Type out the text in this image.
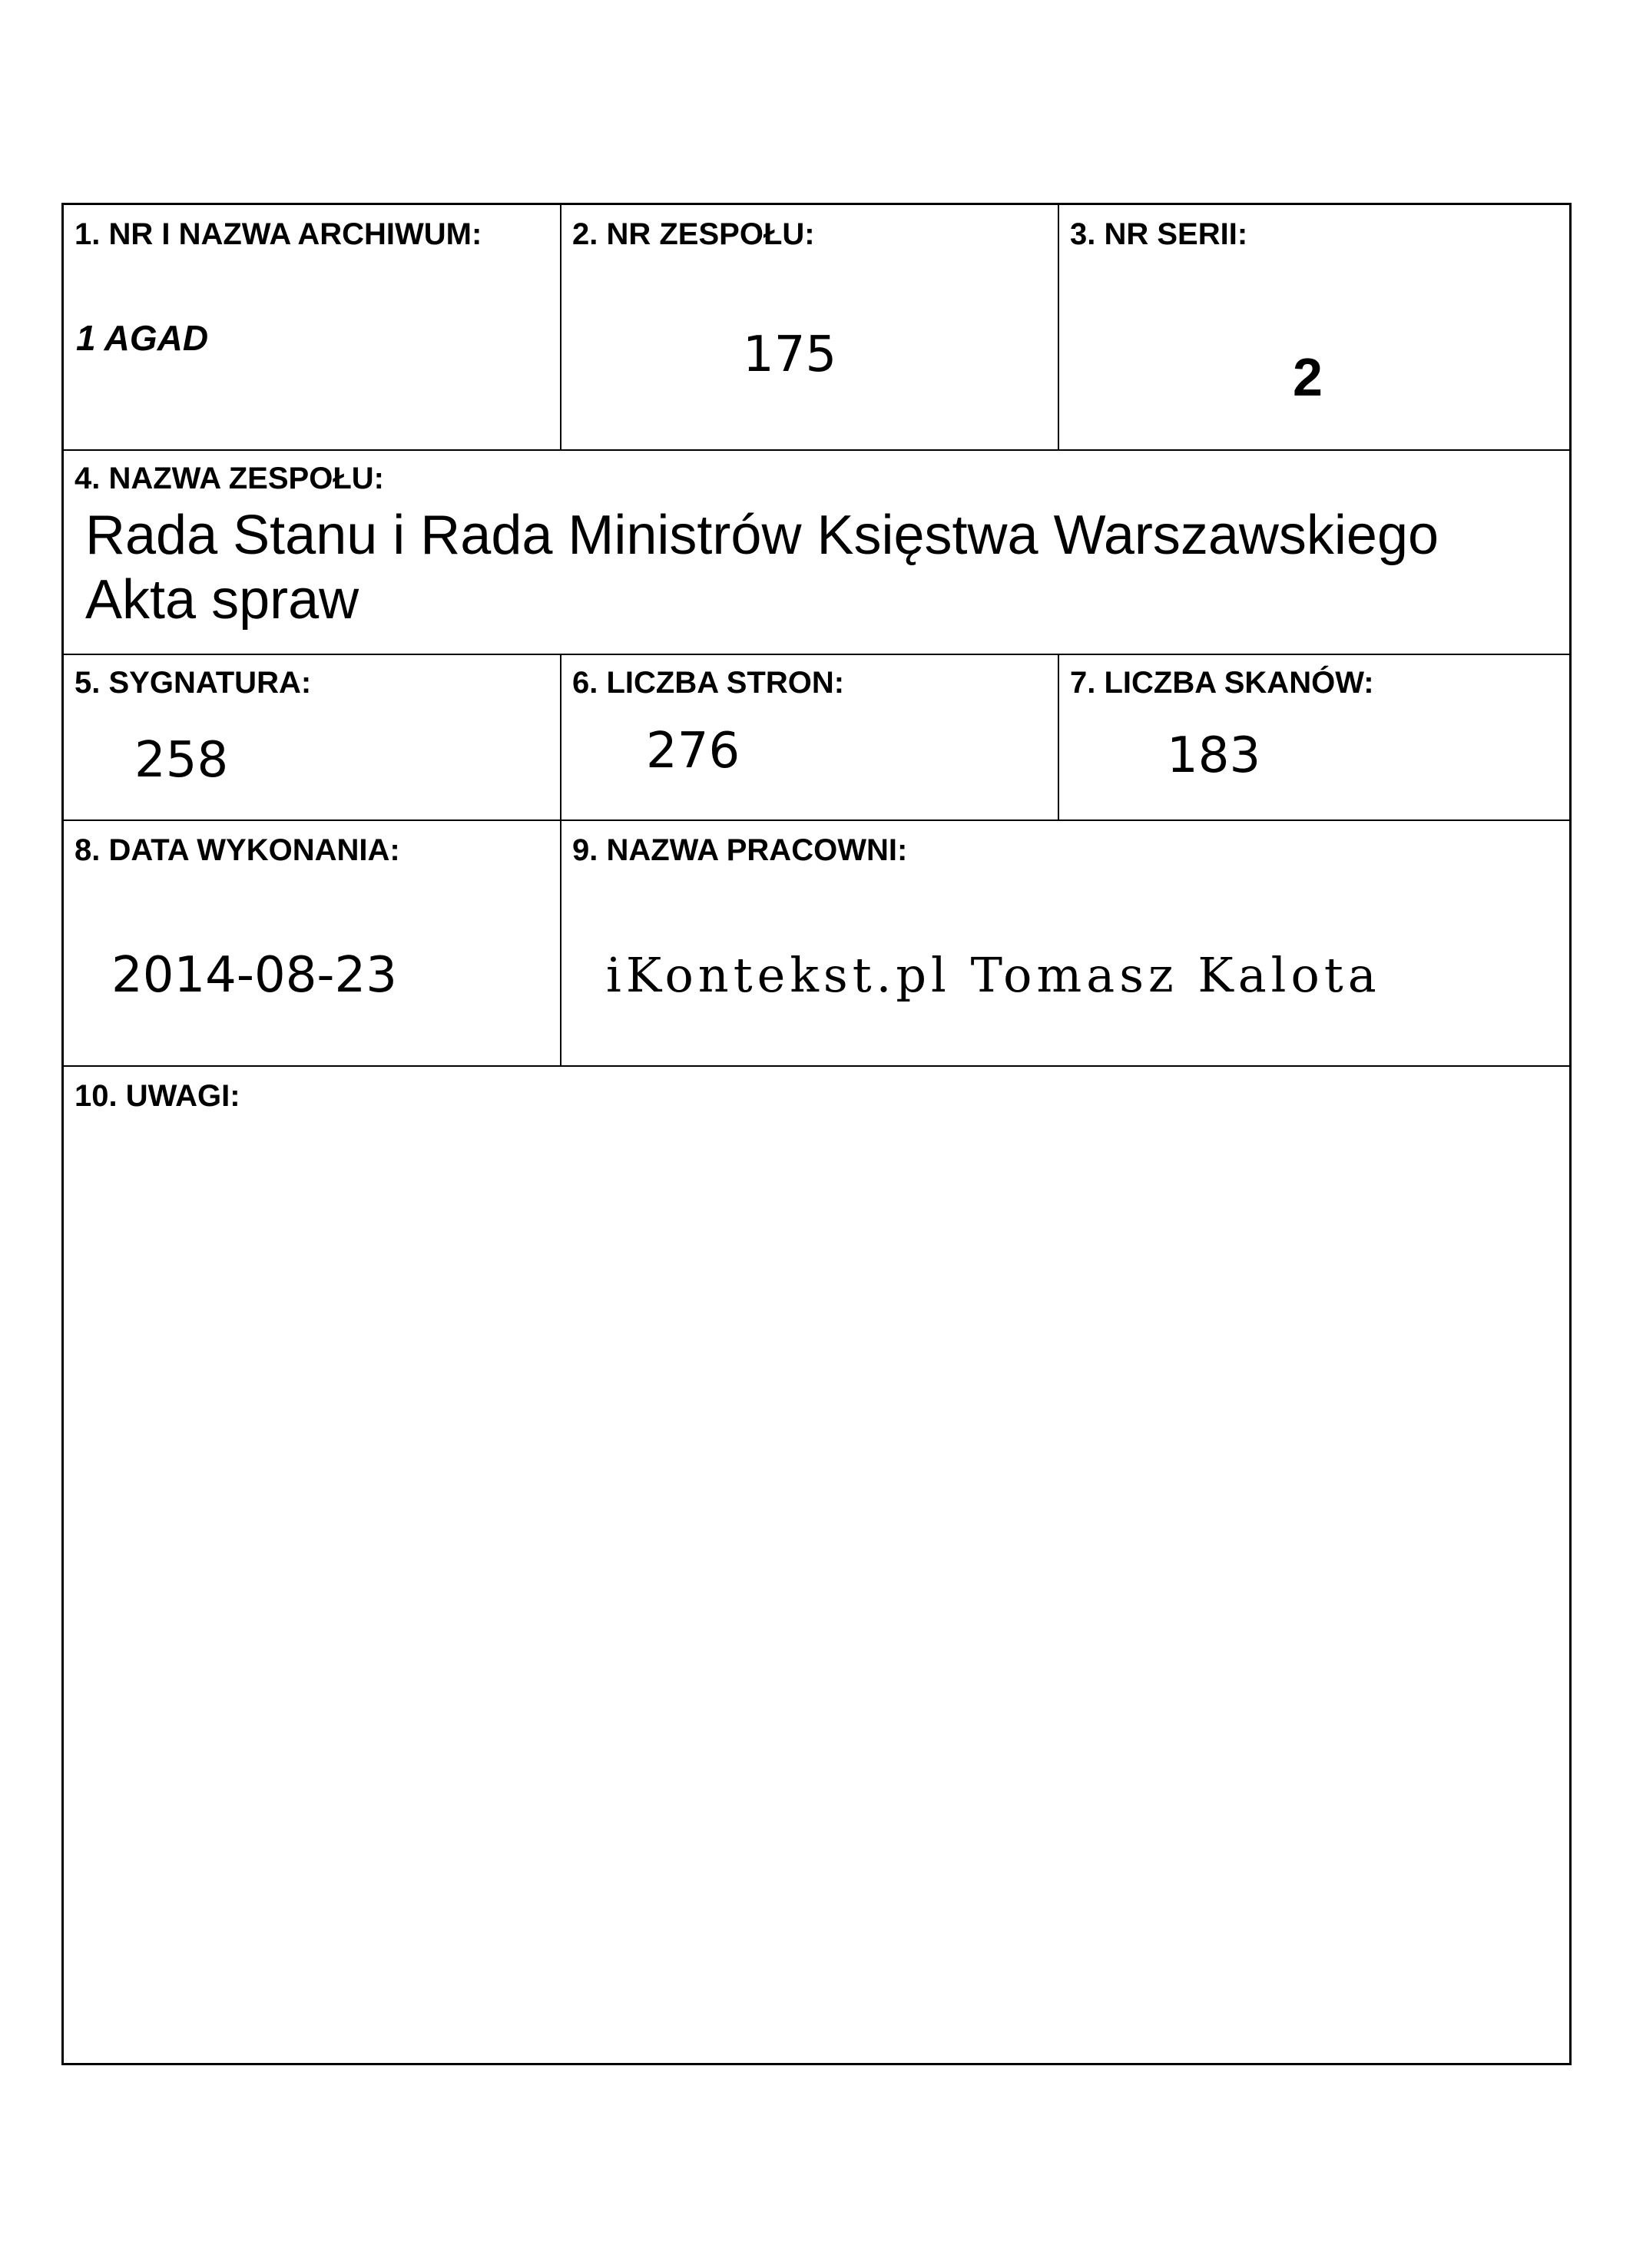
1. NR I NAZWA ARCHIWUM:
1 AGAD
2. NR ZESPOŁU:
175
3. NR SERII:
2
4. NAZWA ZESPOŁU:
Rada Stanu i Rada Ministrów Księstwa Warszawskiego
Akta spraw
5. SYGNATURA:
258
6. LICZBA STRON:
276
7. LICZBA SKANÓW:
183
8. DATA WYKONANIA:
2014-08-23
9. NAZWA PRACOWNI:
iKontekst.pl Tomasz Kalota
10. UWAGI:
